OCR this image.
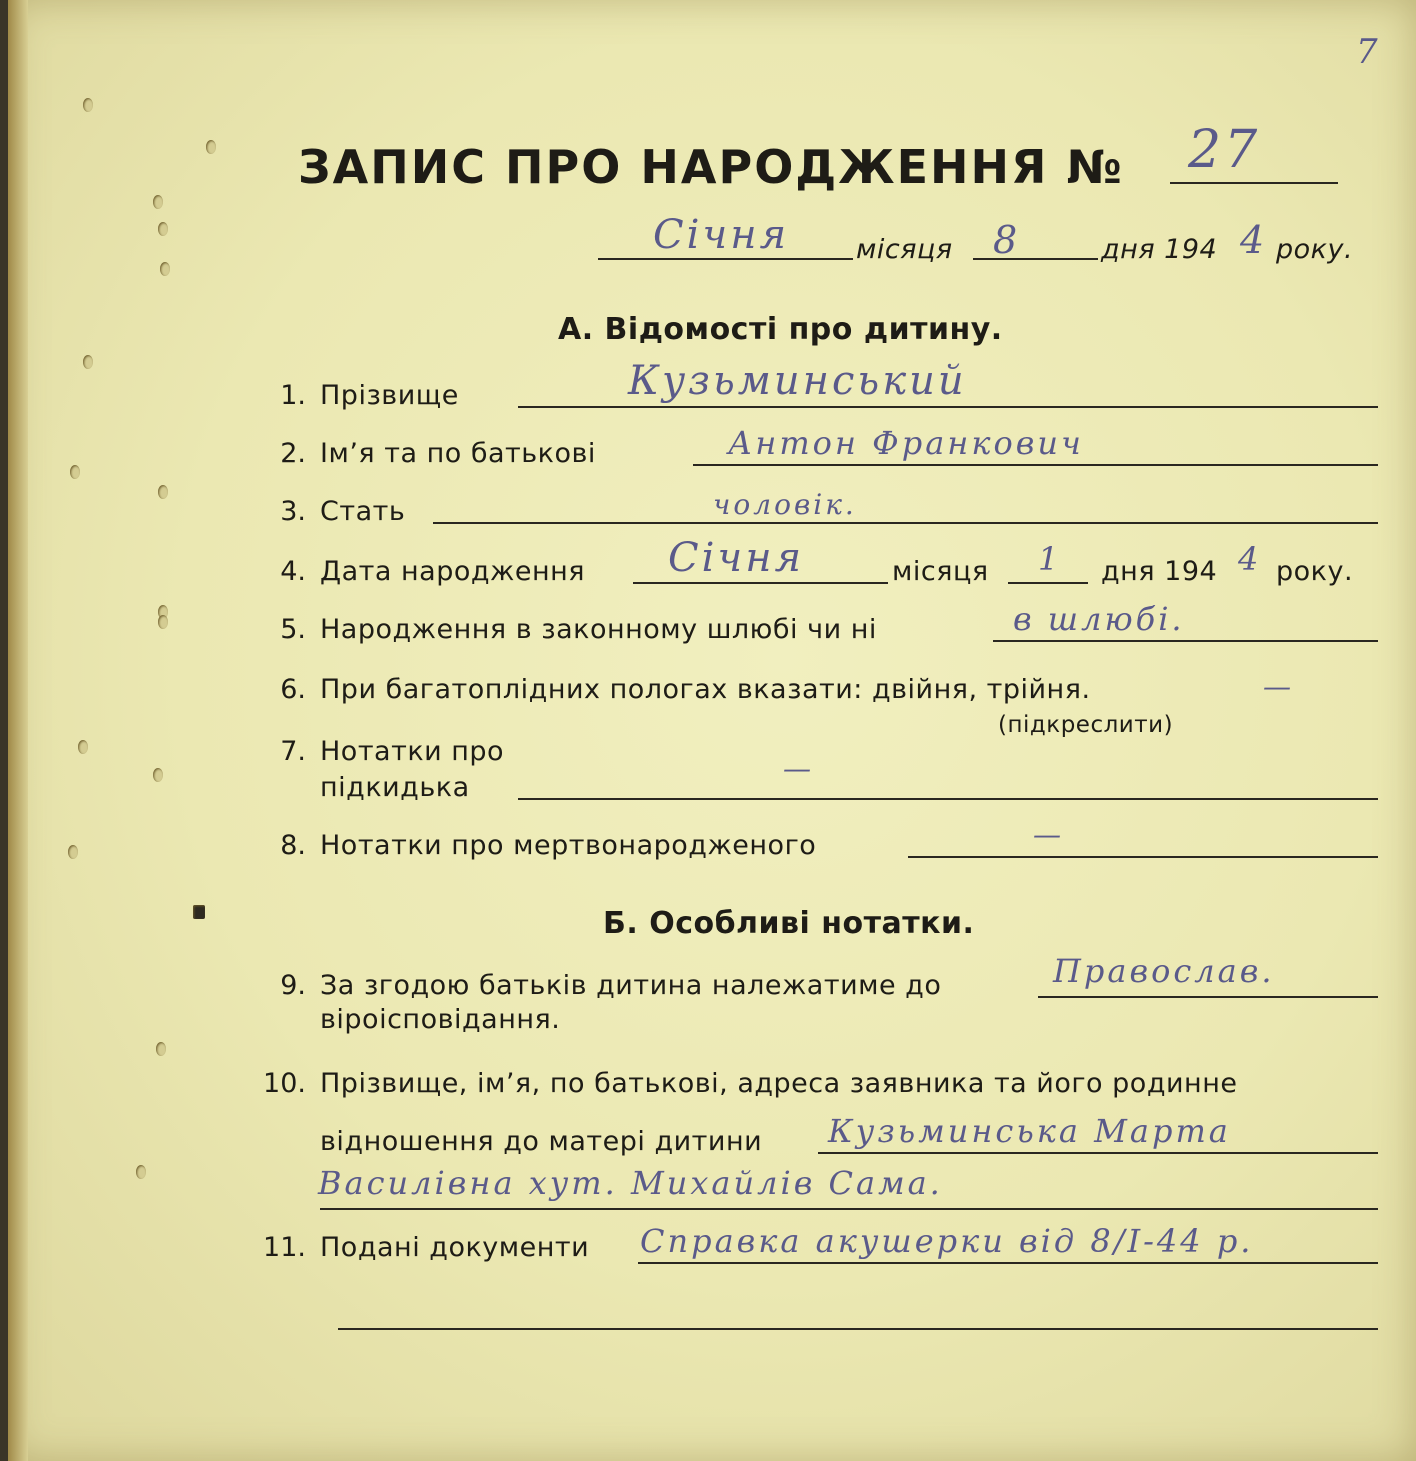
7
ЗАПИС ПРО НАРОДЖЕННЯ № 27
Січня місяця 8	дня 194 4 року.
А. Відомості про дитину.
1. Прізвище	Кузьминський
2. Ім’я та по батькові	Антон Франкович
3. Стать	чоловік.
4. Дата народження Січня	місяця 1 дня 194 4 року.
5. Народження в законному шлюбі чи ні	в шлюбі.
6. При багатоплідних пологах вказати: двійня, трійня.
(підкреслити)
—
7. Нотатки про
підкидька
—
8. Нотатки про мертвонародженого	—
Б. Особливі нотатки.
9. За згодою батьків дитина належатиме до
віроісповідання.
Православ.
10. Прізвище, ім’я, по батькові, адреса заявника та його родинне
відношення до матері дитини Кузьминська Марта
Василівна хут. Михайлів Сама.
11. Подані документи Справка акушерки від 8/І-44 р.
